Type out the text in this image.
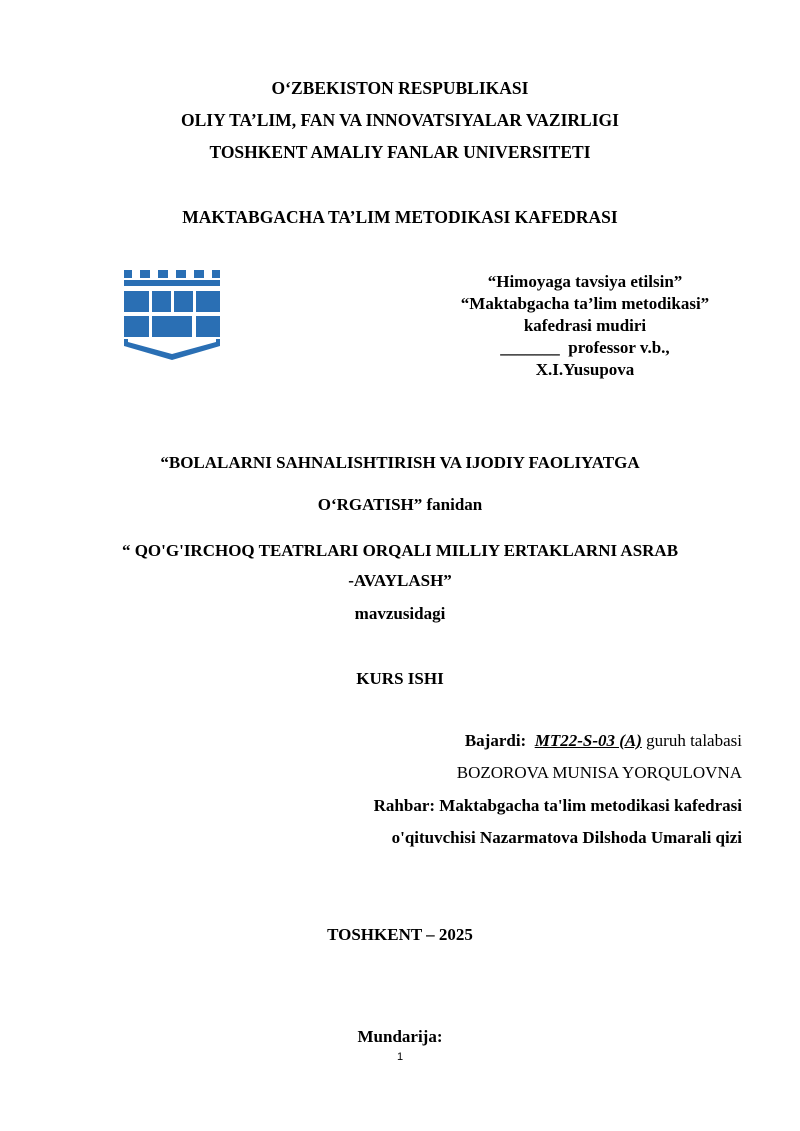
O‘ZBEKISTON RESPUBLIKASI
OLIY TA’LIM, FAN VA INNOVATSIYALAR VAZIRLIGI
TOSHKENT AMALIY FANLAR UNIVERSITETI
MAKTABGACHA TA’LIM METODIKASI KAFEDRASI
“Himoyaga tavsiya etilsin”
“Maktabgacha ta’lim metodikasi”
kafedrasi mudiri
_______ professor v.b.,
X.I.Yusupova
“BOLALARNI SAHNALISHTIRISH VA IJODIY FAOLIYATGA
O‘RGATISH” fanidan
“ QO'G'IRCHOQ TEATRLARI ORQALI MILLIY ERTAKLARNI ASRAB
-AVAYLASH”
mavzusidagi
KURS ISHI
Bajardi: MT22-S-03 (A) guruh talabasi
BOZOROVA MUNISA YORQULOVNA
Rahbar: Maktabgacha ta'lim metodikasi kafedrasi
o'qituvchisi Nazarmatova Dilshoda Umarali qizi
TOSHKENT – 2025
Mundarija:
1
